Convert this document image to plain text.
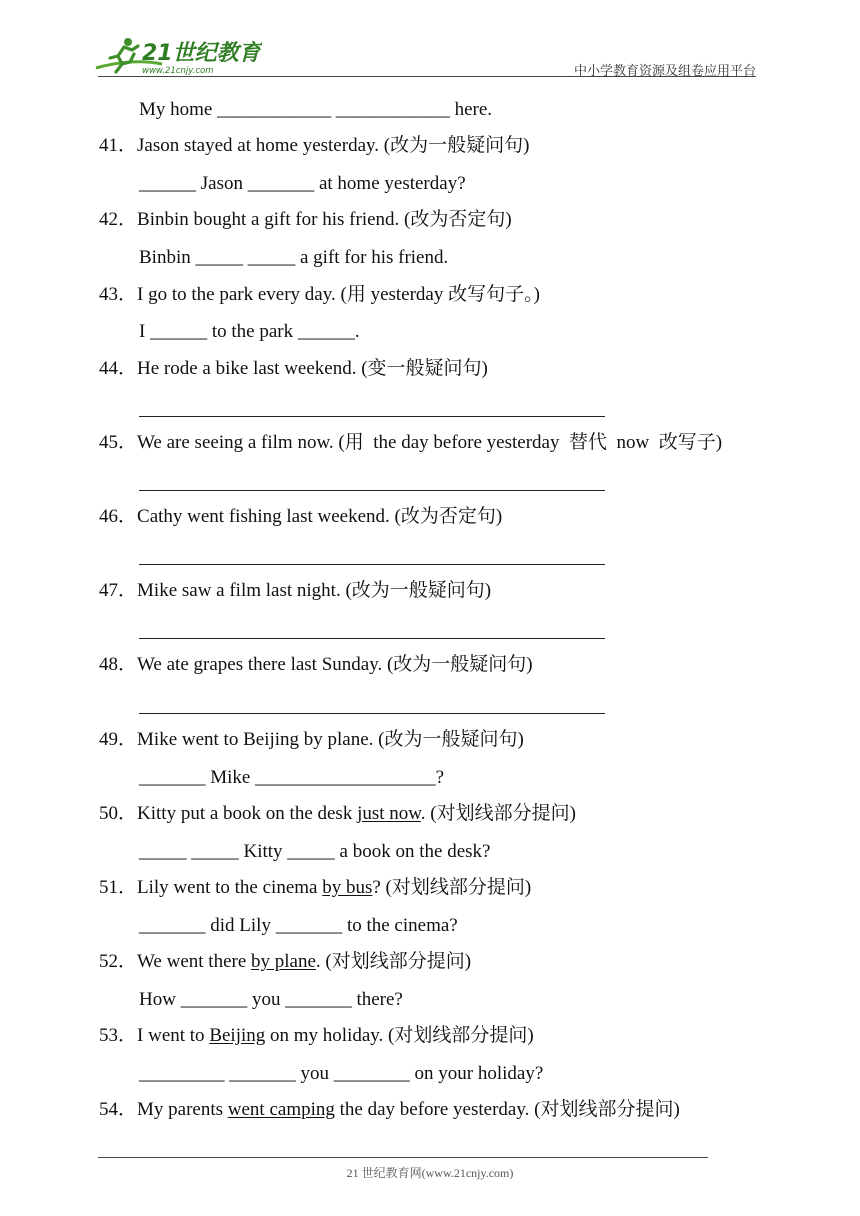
21世纪教育
www.21cnjy.com	中小学教育资源及组卷应用平台
My home ____________ ____________ here.
41．Jason stayed at home yesterday. (改为一般疑问句)
______ Jason _______ at home yesterday?
42．Binbin bought a gift for his friend. (改为否定句)
Binbin _____ _____ a gift for his friend.
43．I go to the park every day. (用 yesterday 改写句子。)
I ______ to the park ______.
44．He rode a bike last weekend. (变一般疑问句)
45．We are seeing a film now. (用  the day before yesterday  替代  now  改写子)
46．Cathy went fishing last weekend. (改为否定句)
47．Mike saw a film last night. (改为一般疑问句)
48．We ate grapes there last Sunday. (改为一般疑问句)
49．Mike went to Beijing by plane. (改为一般疑问句)
_______ Mike ___________________?
50．Kitty put a book on the desk just now. (对划线部分提问)
_____ _____ Kitty _____ a book on the desk?
51．Lily went to the cinema by bus? (对划线部分提问)
_______ did Lily _______ to the cinema?
52．We went there by plane. (对划线部分提问)
How _______ you _______ there?
53．I went to Beijing on my holiday. (对划线部分提问)
_________ _______ you ________ on your holiday?
54．My parents went camping the day before yesterday. (对划线部分提问)
21 世纪教育网(www.21cnjy.com)
